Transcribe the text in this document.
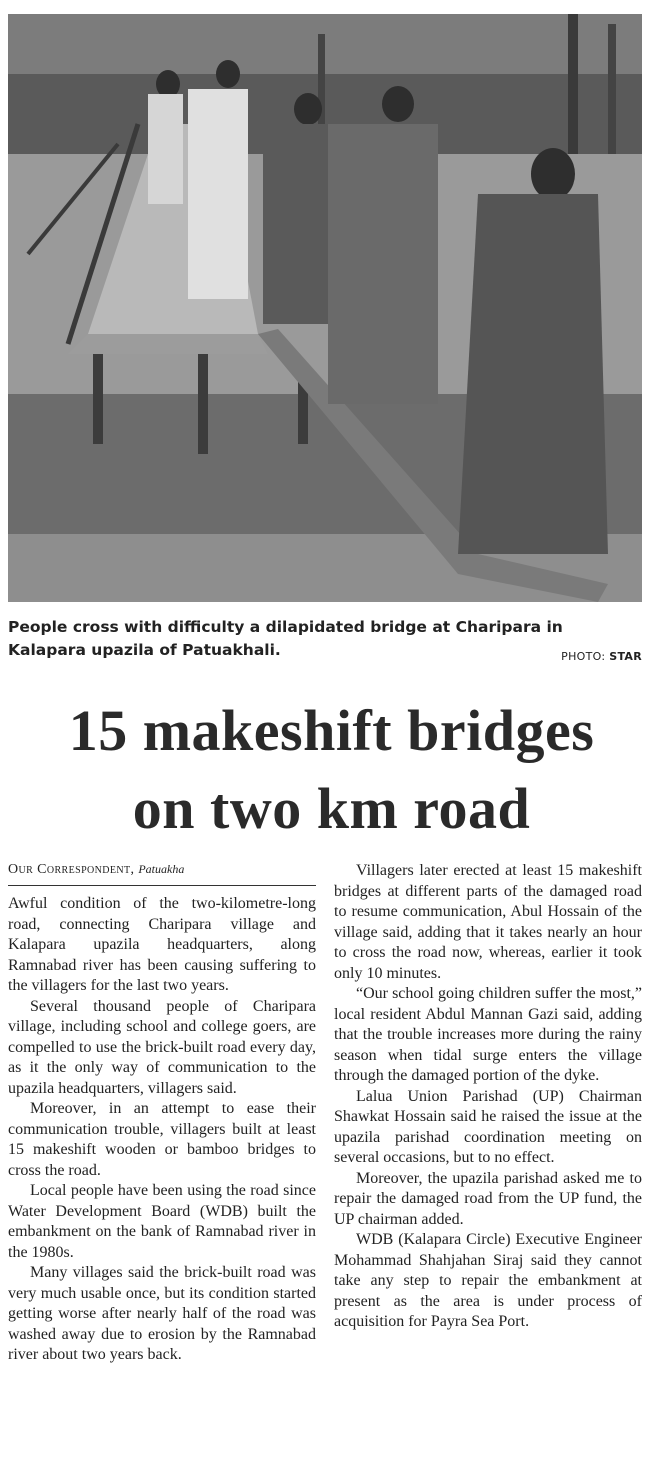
People cross with difficulty a dilapidated bridge at Charipara in
Kalapara upazila of Patuakhali.	PHOTO: STAR
15 makeshift bridges
on two km road
Our Correspondent, Patuakha

Awful condition of the two-kilometre-long road, connecting Charipara village and Kalapara upazila headquarters, along Ramnabad river has been causing suffering to the villagers for the last two years.

Several thousand people of Charipara village, including school and college goers, are compelled to use the brick-built road every day, as it the only way of communication to the upazila headquarters, villagers said.

Moreover, in an attempt to ease their communication trouble, villagers built at least 15 makeshift wooden or bamboo bridges to cross the road.

Local people have been using the road since Water Development Board (WDB) built the embankment on the bank of Ramnabad river in the 1980s.

Many villages said the brick-built road was very much usable once, but its condition started getting worse after nearly half of the road was washed away due to erosion by the Ramnabad river about two years back.

Villagers later erected at least 15 makeshift bridges at different parts of the damaged road to resume communication, Abul Hossain of the village said, adding that it takes nearly an hour to cross the road now, whereas, earlier it took only 10 minutes.

“Our school going children suffer the most,” local resident Abdul Mannan Gazi said, adding that the trouble increases more during the rainy season when tidal surge enters the village through the damaged portion of the dyke.

Lalua Union Parishad (UP) Chairman Shawkat Hossain said he raised the issue at the upazila parishad coordination meeting on several occasions, but to no effect.

Moreover, the upazila parishad asked me to repair the damaged road from the UP fund, the UP chairman added.

WDB (Kalapara Circle) Executive Engineer Mohammad Shahjahan Siraj said they cannot take any step to repair the embankment at present as the area is under process of acquisition for Payra Sea Port.
